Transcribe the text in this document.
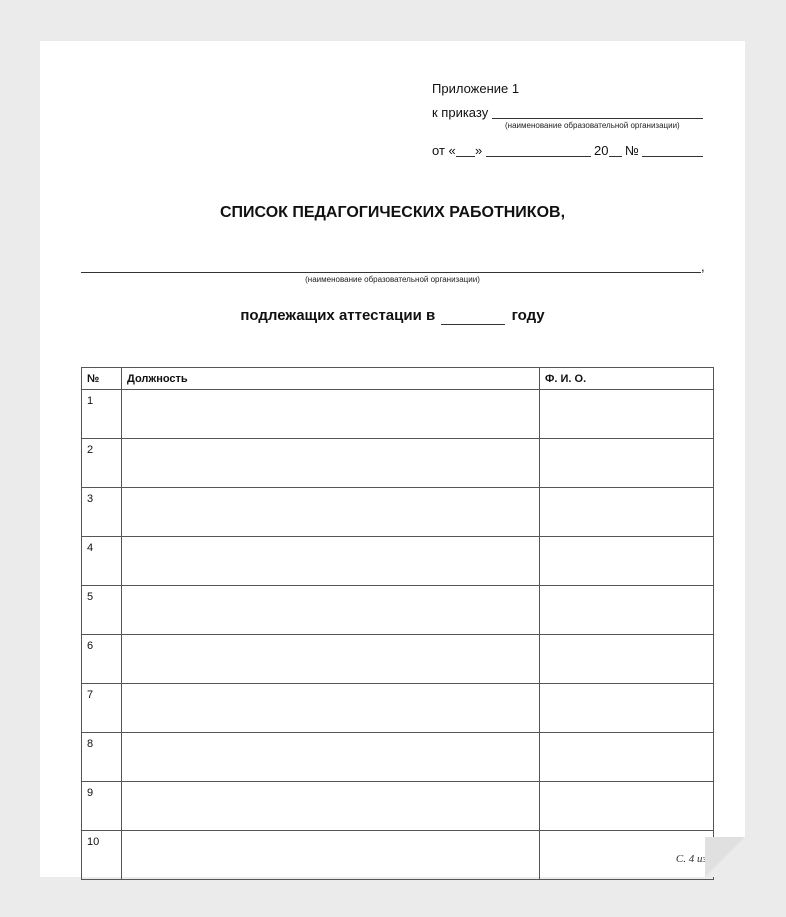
Приложение 1
к приказу
(наименование образовательной организации)
от « »	20 №
СПИСОК ПЕДАГОГИЧЕСКИХ РАБОТНИКОВ,
,
(наименование образовательной организации)
подлежащих аттестации в	году
№	Должность	Ф. И. О.
1		
2		
3		
4		
5		
6		
7		
8		
9		
10		
С. 4 из 5
